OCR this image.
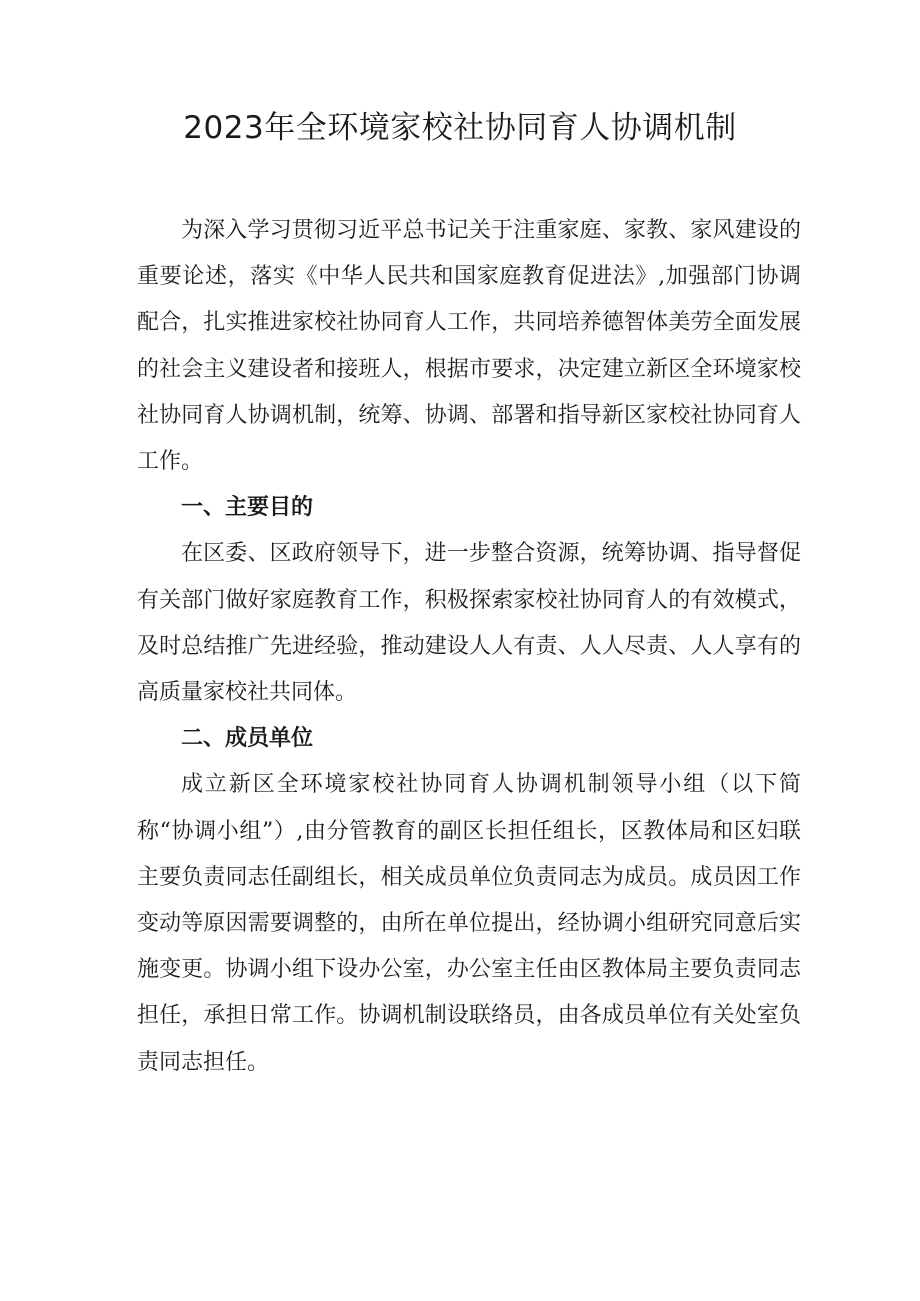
2023年全环境家校社协同育人协调机制

为深入学习贯彻习近平总书记关于注重家庭、家教、家风建设的重要论述，落实《中华人民共和国家庭教育促进法》,加强部门协调配合，扎实推进家校社协同育人工作，共同培养德智体美劳全面发展的社会主义建设者和接班人，根据市要求，决定建立新区全环境家校社协同育人协调机制，统筹、协调、部署和指导新区家校社协同育人工作。

一、主要目的

在区委、区政府领导下，进一步整合资源，统筹协调、指导督促有关部门做好家庭教育工作，积极探索家校社协同育人的有效模式，及时总结推广先进经验，推动建设人人有责、人人尽责、人人享有的高质量家校社共同体。

二、成员单位

成立新区全环境家校社协同育人协调机制领导小组（以下简称“协调小组”）,由分管教育的副区长担任组长，区教体局和区妇联主要负责同志任副组长，相关成员单位负责同志为成员。成员因工作变动等原因需要调整的，由所在单位提出，经协调小组研究同意后实施变更。协调小组下设办公室，办公室主任由区教体局主要负责同志担任，承担日常工作。协调机制设联络员，由各成员单位有关处室负责同志担任。
